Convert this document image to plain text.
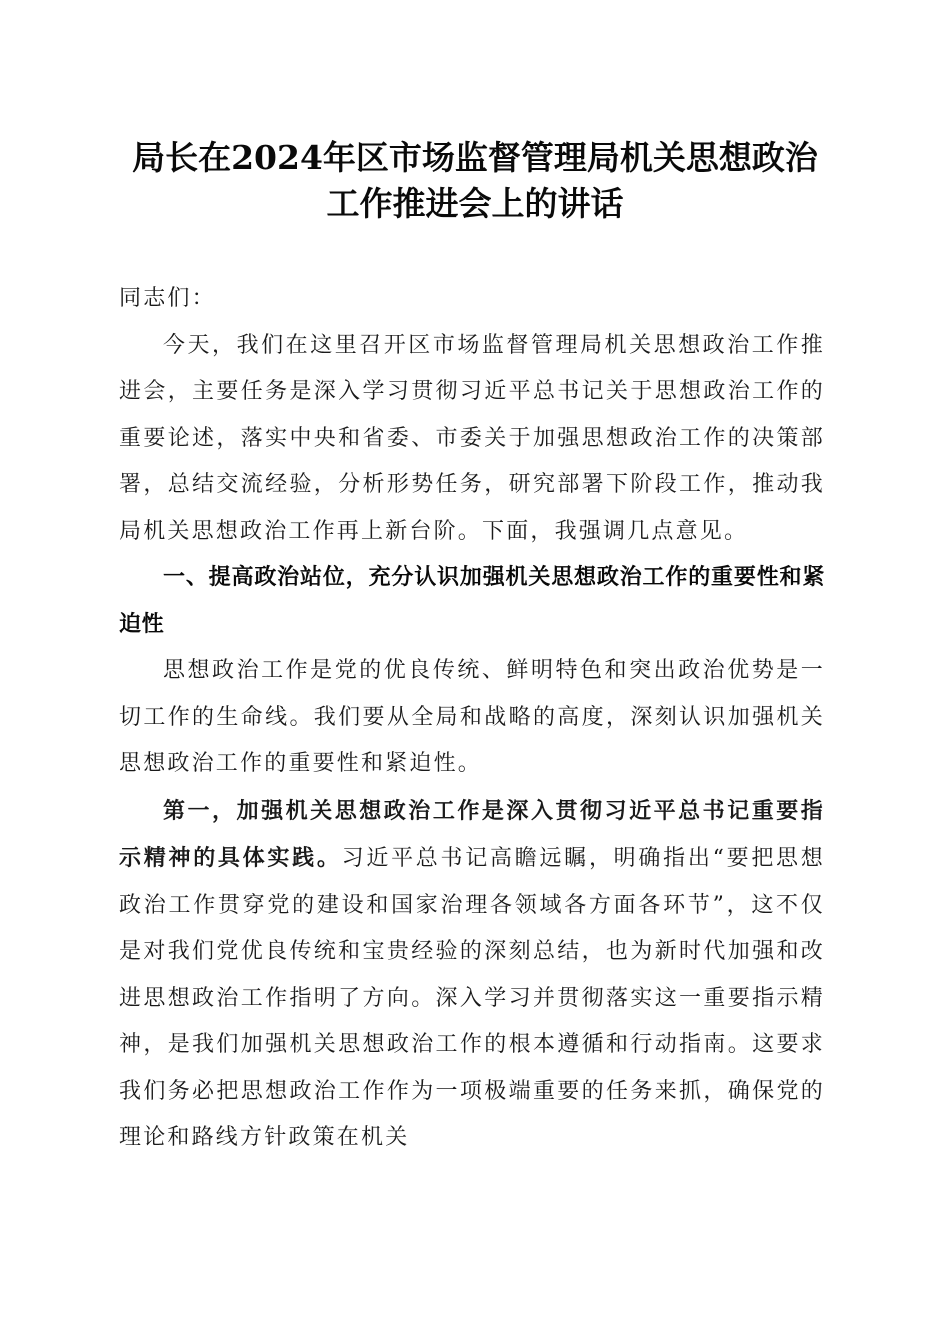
局长在2024年区市场监督管理局机关思想政治工作推进会上的讲话

同志们：

今天，我们在这里召开区市场监督管理局机关思想政治工作推进会，主要任务是深入学习贯彻习近平总书记关于思想政治工作的重要论述，落实中央和省委、市委关于加强思想政治工作的决策部署，总结交流经验，分析形势任务，研究部署下阶段工作，推动我局机关思想政治工作再上新台阶。下面，我强调几点意见。

一、提高政治站位，充分认识加强机关思想政治工作的重要性和紧迫性

思想政治工作是党的优良传统、鲜明特色和突出政治优势是一切工作的生命线。我们要从全局和战略的高度，深刻认识加强机关思想政治工作的重要性和紧迫性。

第一，加强机关思想政治工作是深入贯彻习近平总书记重要指示精神的具体实践。习近平总书记高瞻远瞩，明确指出“要把思想政治工作贯穿党的建设和国家治理各领域各方面各环节”，这不仅是对我们党优良传统和宝贵经验的深刻总结，也为新时代加强和改进思想政治工作指明了方向。深入学习并贯彻落实这一重要指示精神，是我们加强机关思想政治工作的根本遵循和行动指南。这要求我们务必把思想政治工作作为一项极端重要的任务来抓，确保党的理论和路线方针政策在机关
